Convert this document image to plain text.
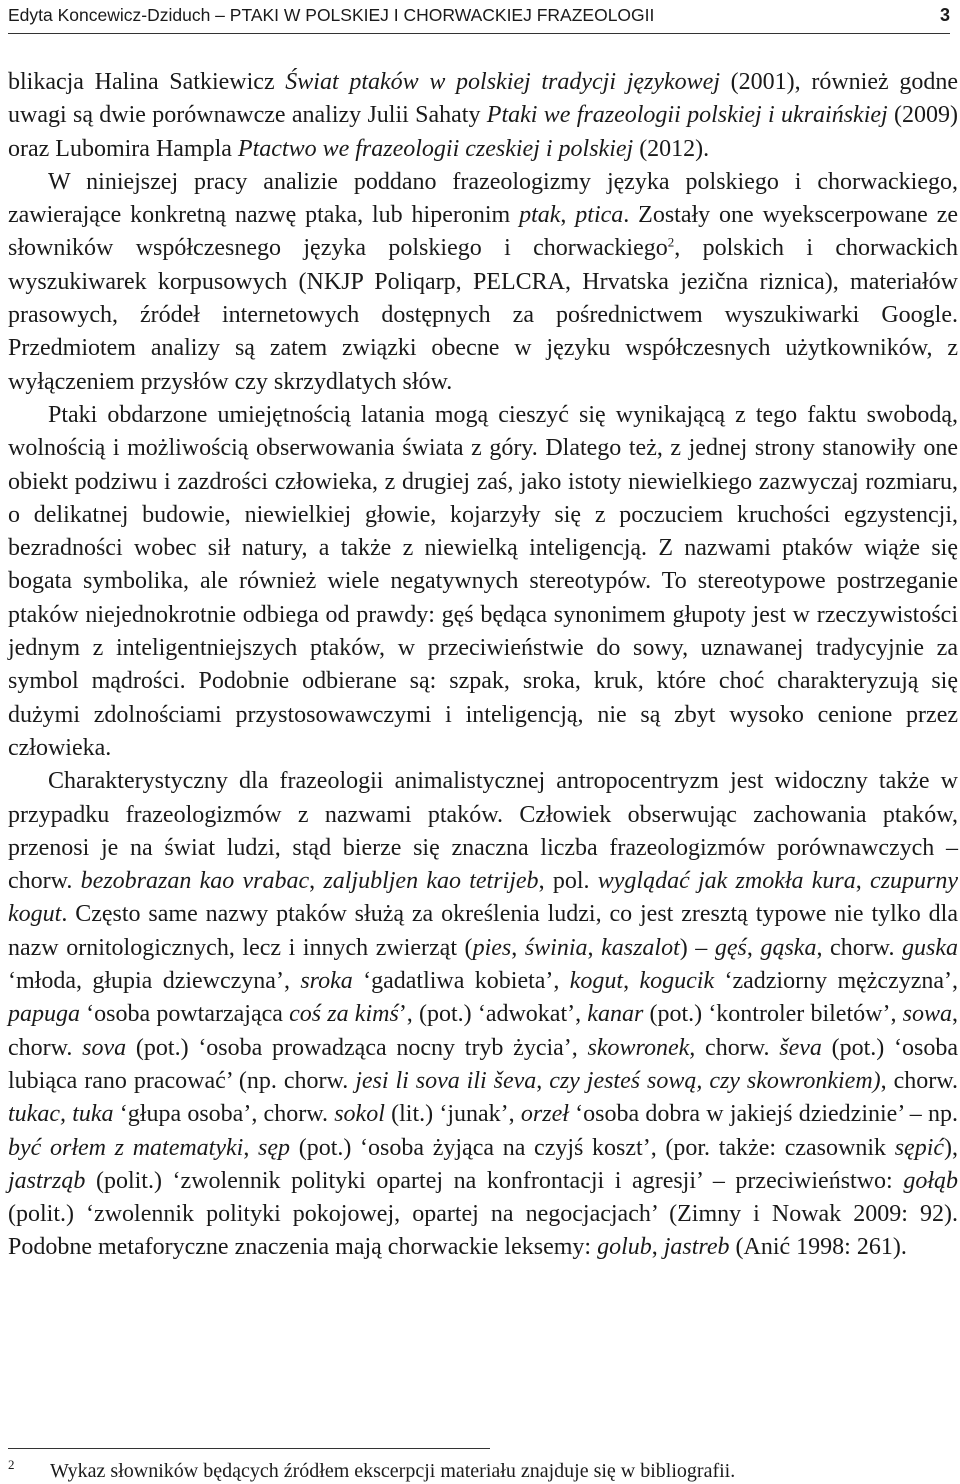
Edyta Koncewicz-Dziduch – PTAKI W POLSKIEJ I CHORWACKIEJ FRAZEOLOGII	3

blikacja Halina Satkiewicz Świat ptaków w polskiej tradycji językowej (2001), również godne uwagi są dwie porównawcze analizy Julii Sahaty Ptaki we frazeologii polskiej i ukraińskiej (2009) oraz Lubomira Hampla Ptactwo we frazeologii czeskiej i polskiej (2012).

W niniejszej pracy analizie poddano frazeologizmy języka polskiego i chorwackiego, zawierające konkretną nazwę ptaka, lub hiperonim ptak, ptica. Zostały one wyekscerpowane ze słowników współczesnego języka polskiego i chorwackiego$^2$, polskich i chorwackich wyszukiwarek korpusowych (NKJP Poliqarp, PELCRA, Hrvatska jezična riznica), materiałów prasowych, źródeł internetowych dostępnych za pośrednictwem wyszukiwarki Google. Przedmiotem analizy są zatem związki obecne w języku współczesnych użytkowników, z wyłączeniem przysłów czy skrzydlatych słów.

Ptaki obdarzone umiejętnością latania mogą cieszyć się wynikającą z tego faktu swobodą, wolnością i możliwością obserwowania świata z góry. Dlatego też, z jednej strony stanowiły one obiekt podziwu i zazdrości człowieka, z drugiej zaś, jako istoty niewielkiego zazwyczaj rozmiaru, o delikatnej budowie, niewielkiej głowie, kojarzyły się z poczuciem kruchości egzystencji, bezradności wobec sił natury, a także z niewielką inteligencją. Z nazwami ptaków wiąże się bogata symbolika, ale również wiele negatywnych stereotypów. To stereotypowe postrzeganie ptaków niejednokrotnie odbiega od prawdy: gęś będąca synonimem głupoty jest w rzeczywistości jednym z inteligentniejszych ptaków, w przeciwieństwie do sowy, uznawanej tradycyjnie za symbol mądrości. Podobnie odbierane są: szpak, sroka, kruk, które choć charakteryzują się dużymi zdolnościami przystosowawczymi i inteligencją, nie są zbyt wysoko cenione przez człowieka.

Charakterystyczny dla frazeologii animalistycznej antropocentryzm jest widoczny także w przypadku frazeologizmów z nazwami ptaków. Człowiek obserwując zachowania ptaków, przenosi je na świat ludzi, stąd bierze się znaczna liczba frazeologizmów porównawczych – chorw. bezobrazan kao vrabac, zaljubljen kao tetrijeb, pol. wyglądać jak zmokła kura, czupurny kogut. Często same nazwy ptaków służą za określenia ludzi, co jest zresztą typowe nie tylko dla nazw ornitologicznych, lecz i innych zwierząt (pies, świnia, kaszalot) – gęś, gąska, chorw. guska ‘młoda, głupia dziewczyna’, sroka ‘gadatliwa kobieta’, kogut, kogucik ‘zadziorny mężczyzna’, papuga ‘osoba powtarzająca coś za kimś’, (pot.) ‘adwokat’, kanar (pot.) ‘kontroler biletów’, sowa, chorw. sova (pot.) ‘osoba prowadząca nocny tryb życia’, skowronek, chorw. ševa (pot.) ‘osoba lubiąca rano pracować’ (np. chorw. jesi li sova ili ševa, czy jesteś sową, czy skowronkiem), chorw. tukac, tuka ‘głupa osoba’, chorw. sokol (lit.) ‘junak’, orzeł ‘osoba dobra w jakiejś dziedzinie’ – np. być orłem z matematyki, sęp (pot.) ‘osoba żyjąca na czyjś koszt’, (por. także: czasownik sępić), jastrząb (polit.) ‘zwolennik polityki opartej na konfrontacji i agresji’ – przeciwieństwo: gołąb (polit.) ‘zwolennik polityki pokojowej, opartej na negocjacjach’ (Zimny i Nowak 2009: 92). Podobne metaforyczne znaczenia mają chorwackie leksemy: golub, jastreb (Anić 1998: 261).

2 Wykaz słowników będących źródłem ekscerpcji materiału znajduje się w bibliografii.
